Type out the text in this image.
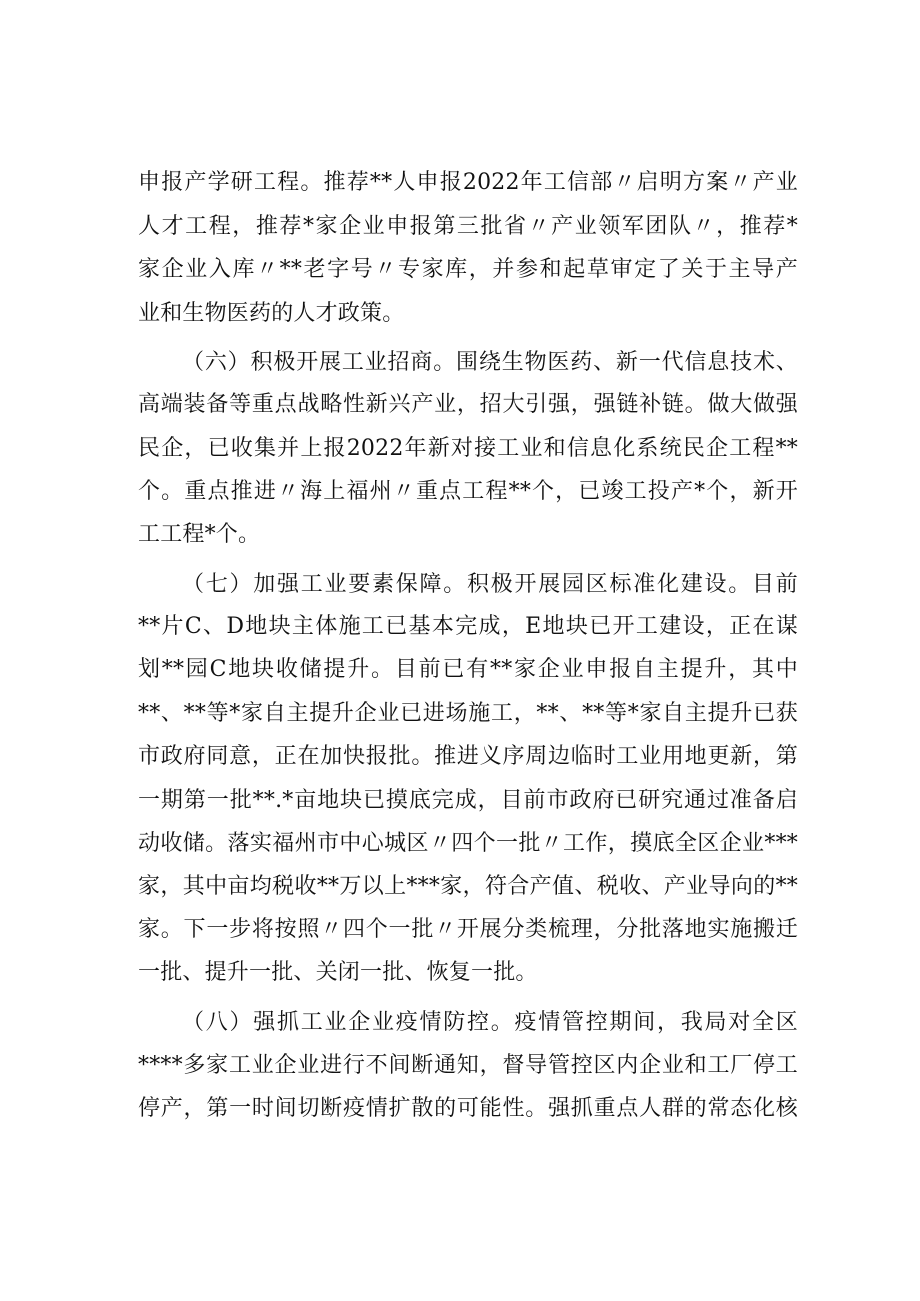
申报产学研工程。推荐**人申报2022年工信部〃启明方案〃产业
人才工程，推荐*家企业申报第三批省〃产业领军团队〃，推荐*
家企业入库〃**老字号〃专家库，并参和起草审定了关于主导产
业和生物医药的人才政策。
（六）积极开展工业招商。围绕生物医药、新一代信息技术、
高端装备等重点战略性新兴产业，招大引强，强链补链。做大做强
民企，已收集并上报2022年新对接工业和信息化系统民企工程**
个。重点推进〃海上福州〃重点工程**个，已竣工投产*个，新开
工工程*个。
（七）加强工业要素保障。积极开展园区标准化建设。目前
**片C、D地块主体施工已基本完成，E地块已开工建设，正在谋
划**园C地块收储提升。目前已有**家企业申报自主提升，其中
**、**等*家自主提升企业已进场施工，**、**等*家自主提升已获
市政府同意，正在加快报批。推进义序周边临时工业用地更新，第
一期第一批**.*亩地块已摸底完成，目前市政府已研究通过准备启
动收储。落实福州市中心城区〃四个一批〃工作，摸底全区企业***
家，其中亩均税收**万以上***家，符合产值、税收、产业导向的**
家。下一步将按照〃四个一批〃开展分类梳理，分批落地实施搬迁
一批、提升一批、关闭一批、恢复一批。
（八）强抓工业企业疫情防控。疫情管控期间，我局对全区
****多家工业企业进行不间断通知，督导管控区内企业和工厂停工
停产，第一时间切断疫情扩散的可能性。强抓重点人群的常态化核
